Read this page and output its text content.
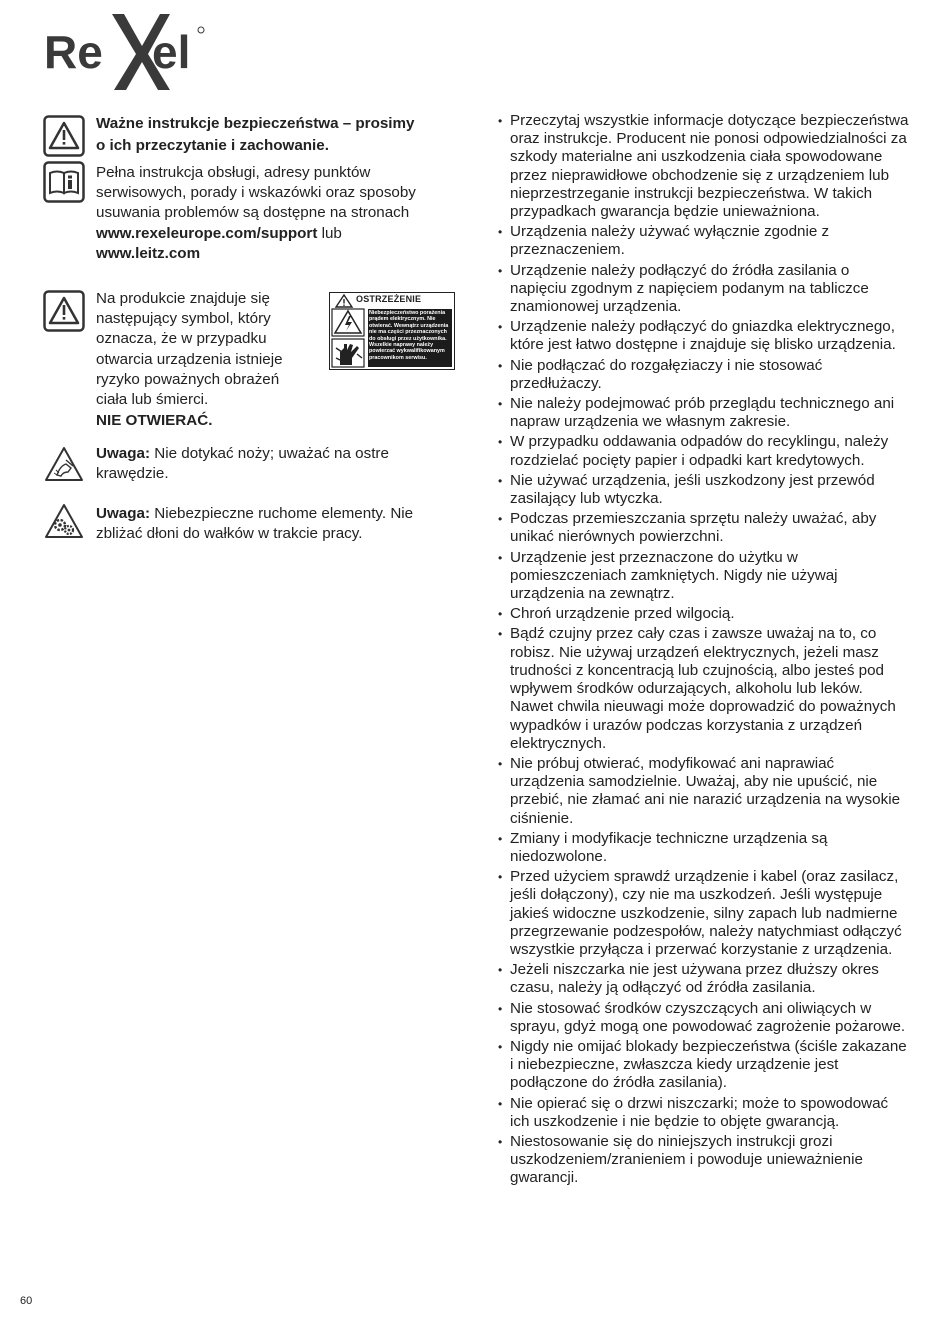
Re el
Ważne instrukcje bezpieczeństwa – prosimy
o ich przeczytanie i zachowanie.
Pełna instrukcja obsługi, adresy punktów
serwisowych, porady i wskazówki oraz sposoby
usuwania problemów są dostępne na stronach
www.rexeleurope.com/support lub
www.leitz.com
Na produkcie znajduje się
następujący symbol, który
oznacza, że w przypadku
otwarcia urządzenia istnieje
ryzyko poważnych obrażeń
ciała lub śmierci.
NIE OTWIERAĆ.
OSTRZEŻENIE
Niebezpieczeństwo porażenia prądem elektrycznym. Nie otwierać. Wewnątrz urządzenia nie ma części przeznaczonych do obsługi przez użytkownika. Wszelkie naprawy należy powierzać wykwalifikowanym pracownikom serwisu.
Uwaga: Nie dotykać noży; uważać na ostre
krawędzie.
Uwaga: Niebezpieczne ruchome elementy. Nie
zbliżać dłoni do wałków w trakcie pracy.
• Przeczytaj wszystkie informacje dotyczące bezpieczeństwa oraz instrukcje. Producent nie ponosi odpowiedzialności za szkody materialne ani uszkodzenia ciała spowodowane przez nieprawidłowe obchodzenie się z urządzeniem lub nieprzestrzeganie instrukcji bezpieczeństwa. W takich przypadkach gwarancja będzie unieważniona.
• Urządzenia należy używać wyłącznie zgodnie z przeznaczeniem.
• Urządzenie należy podłączyć do źródła zasilania o napięciu zgodnym z napięciem podanym na tabliczce znamionowej urządzenia.
• Urządzenie należy podłączyć do gniazdka elektrycznego, które jest łatwo dostępne i znajduje się blisko urządzenia.
• Nie podłączać do rozgałęziaczy i nie stosować przedłużaczy.
• Nie należy podejmować prób przeglądu technicznego ani napraw urządzenia we własnym zakresie.
• W przypadku oddawania odpadów do recyklingu, należy rozdzielać pocięty papier i odpadki kart kredytowych.
• Nie używać urządzenia, jeśli uszkodzony jest przewód zasilający lub wtyczka.
• Podczas przemieszczania sprzętu należy uważać, aby unikać nierównych powierzchni.
• Urządzenie jest przeznaczone do użytku w pomieszczeniach zamkniętych. Nigdy nie używaj urządzenia na zewnątrz.
• Chroń urządzenie przed wilgocią.
• Bądź czujny przez cały czas i zawsze uważaj na to, co robisz. Nie używaj urządzeń elektrycznych, jeżeli masz trudności z koncentracją lub czujnością, albo jesteś pod wpływem środków odurzających, alkoholu lub leków. Nawet chwila nieuwagi może doprowadzić do poważnych wypadków i urazów podczas korzystania z urządzeń elektrycznych.
• Nie próbuj otwierać, modyfikować ani naprawiać urządzenia samodzielnie. Uważaj, aby nie upuścić, nie przebić, nie złamać ani nie narazić urządzenia na wysokie ciśnienie.
• Zmiany i modyfikacje techniczne urządzenia są niedozwolone.
• Przed użyciem sprawdź urządzenie i kabel (oraz zasilacz, jeśli dołączony), czy nie ma uszkodzeń. Jeśli występuje jakieś widoczne uszkodzenie, silny zapach lub nadmierne przegrzewanie podzespołów, należy natychmiast odłączyć wszystkie przyłącza i przerwać korzystanie z urządzenia.
• Jeżeli niszczarka nie jest używana przez dłuższy okres czasu, należy ją odłączyć od źródła zasilania.
• Nie stosować środków czyszczących ani oliwiących w sprayu, gdyż mogą one powodować zagrożenie pożarowe.
• Nigdy nie omijać blokady bezpieczeństwa (ściśle zakazane i niebezpieczne, zwłaszcza kiedy urządzenie jest podłączone do źródła zasilania).
• Nie opierać się o drzwi niszczarki; może to spowodować ich uszkodzenie i nie będzie to objęte gwarancją.
• Niestosowanie się do niniejszych instrukcji grozi uszkodzeniem/zranieniem i powoduje unieważnienie gwarancji.
60
